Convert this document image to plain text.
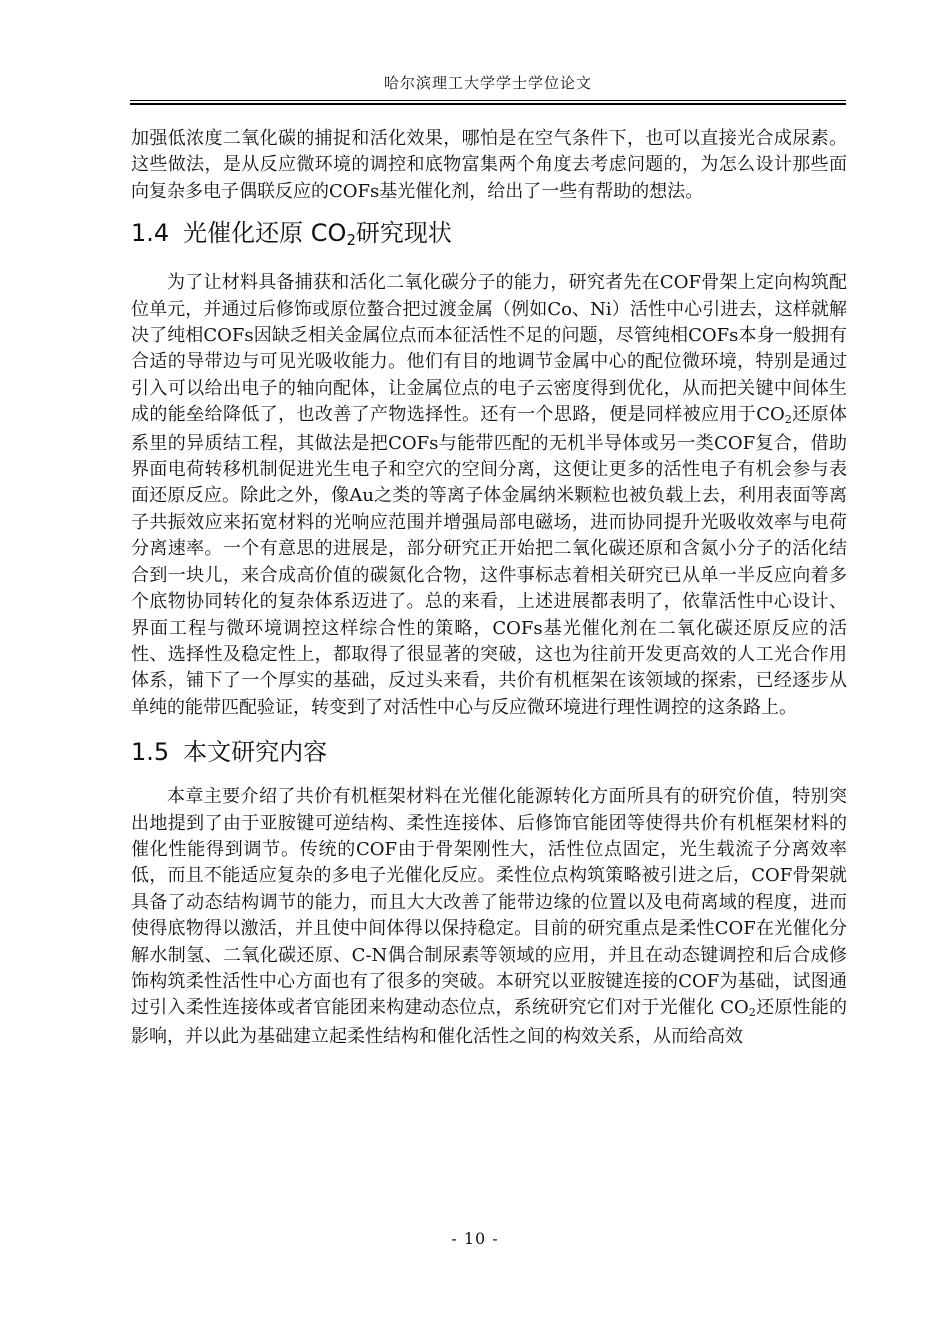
哈尔滨理工大学学士学位论文

加强低浓度二氧化碳的捕捉和活化效果，哪怕是在空气条件下，也可以直接光合成尿素。这些做法，是从反应微环境的调控和底物富集两个角度去考虑问题的，为怎么设计那些面向复杂多电子偶联反应的COFs基光催化剂，给出了一些有帮助的想法。

1.4 光催化还原 $CO_2$研究现状

为了让材料具备捕获和活化二氧化碳分子的能力，研究者先在COF骨架上定向构筑配位单元，并通过后修饰或原位螯合把过渡金属（例如Co、Ni）活性中心引进去，这样就解决了纯相COFs因缺乏相关金属位点而本征活性不足的问题，尽管纯相COFs本身一般拥有合适的导带边与可见光吸收能力。他们有目的地调节金属中心的配位微环境，特别是通过引入可以给出电子的轴向配体，让金属位点的电子云密度得到优化，从而把关键中间体生成的能垒给降低了，也改善了产物选择性。还有一个思路，便是同样被应用于$CO_2$还原体系里的异质结工程，其做法是把COFs与能带匹配的无机半导体或另一类COF复合，借助界面电荷转移机制促进光生电子和空穴的空间分离，这便让更多的活性电子有机会参与表面还原反应。除此之外，像Au之类的等离子体金属纳米颗粒也被负载上去，利用表面等离子共振效应来拓宽材料的光响应范围并增强局部电磁场，进而协同提升光吸收效率与电荷分离速率。一个有意思的进展是，部分研究正开始把二氧化碳还原和含氮小分子的活化结合到一块儿，来合成高价值的碳氮化合物，这件事标志着相关研究已从单一半反应向着多个底物协同转化的复杂体系迈进了。总的来看，上述进展都表明了，依靠活性中心设计、界面工程与微环境调控这样综合性的策略，COFs基光催化剂在二氧化碳还原反应的活性、选择性及稳定性上，都取得了很显著的突破，这也为往前开发更高效的人工光合作用体系，铺下了一个厚实的基础，反过头来看，共价有机框架在该领域的探索，已经逐步从单纯的能带匹配验证，转变到了对活性中心与反应微环境进行理性调控的这条路上。

1.5 本文研究内容

本章主要介绍了共价有机框架材料在光催化能源转化方面所具有的研究价值，特别突出地提到了由于亚胺键可逆结构、柔性连接体、后修饰官能团等使得共价有机框架材料的催化性能得到调节。传统的COF由于骨架刚性大，活性位点固定，光生载流子分离效率低，而且不能适应复杂的多电子光催化反应。柔性位点构筑策略被引进之后，COF骨架就具备了动态结构调节的能力，而且大大改善了能带边缘的位置以及电荷离域的程度，进而使得底物得以激活，并且使中间体得以保持稳定。目前的研究重点是柔性COF在光催化分解水制氢、二氧化碳还原、C-N偶合制尿素等领域的应用，并且在动态键调控和后合成修饰构筑柔性活性中心方面也有了很多的突破。本研究以亚胺键连接的COF为基础，试图通过引入柔性连接体或者官能团来构建动态位点，系统研究它们对于光催化 $CO_2$还原性能的影响，并以此为基础建立起柔性结构和催化活性之间的构效关系，从而给高效

- 10 -
